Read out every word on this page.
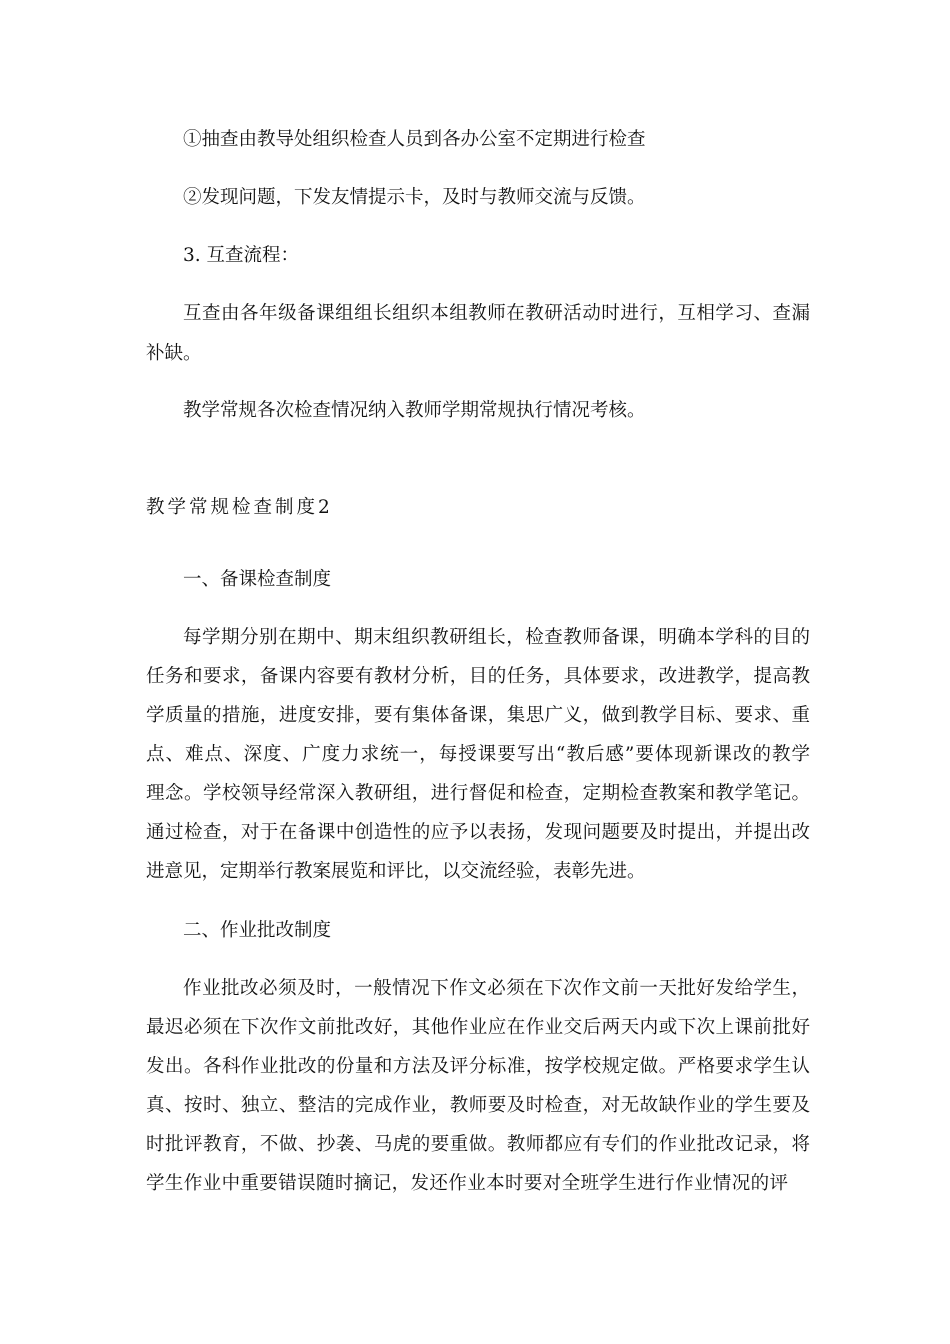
①抽查由教导处组织检查人员到各办公室不定期进行检查
②发现问题，下发友情提示卡，及时与教师交流与反馈。
3. 互查流程：
互查由各年级备课组组长组织本组教师在教研活动时进行，互相学习、查漏
补缺。
教学常规各次检查情况纳入教师学期常规执行情况考核。
教学常规检查制度2
一、备课检查制度
每学期分别在期中、期末组织教研组长，检查教师备课，明确本学科的目的
任务和要求，备课内容要有教材分析，目的任务，具体要求，改进教学，提高教
学质量的措施，进度安排，要有集体备课，集思广义，做到教学目标、要求、重
点、难点、深度、广度力求统一，每授课要写出“教后感”要体现新课改的教学
理念。学校领导经常深入教研组，进行督促和检查，定期检查教案和教学笔记。
通过检查，对于在备课中创造性的应予以表扬，发现问题要及时提出，并提出改
进意见，定期举行教案展览和评比，以交流经验，表彰先进。
二、作业批改制度
作业批改必须及时，一般情况下作文必须在下次作文前一天批好发给学生，
最迟必须在下次作文前批改好，其他作业应在作业交后两天内或下次上课前批好
发出。各科作业批改的份量和方法及评分标准，按学校规定做。严格要求学生认
真、按时、独立、整洁的完成作业，教师要及时检查，对无故缺作业的学生要及
时批评教育，不做、抄袭、马虎的要重做。教师都应有专们的作业批改记录，将
学生作业中重要错误随时摘记，发还作业本时要对全班学生进行作业情况的评
